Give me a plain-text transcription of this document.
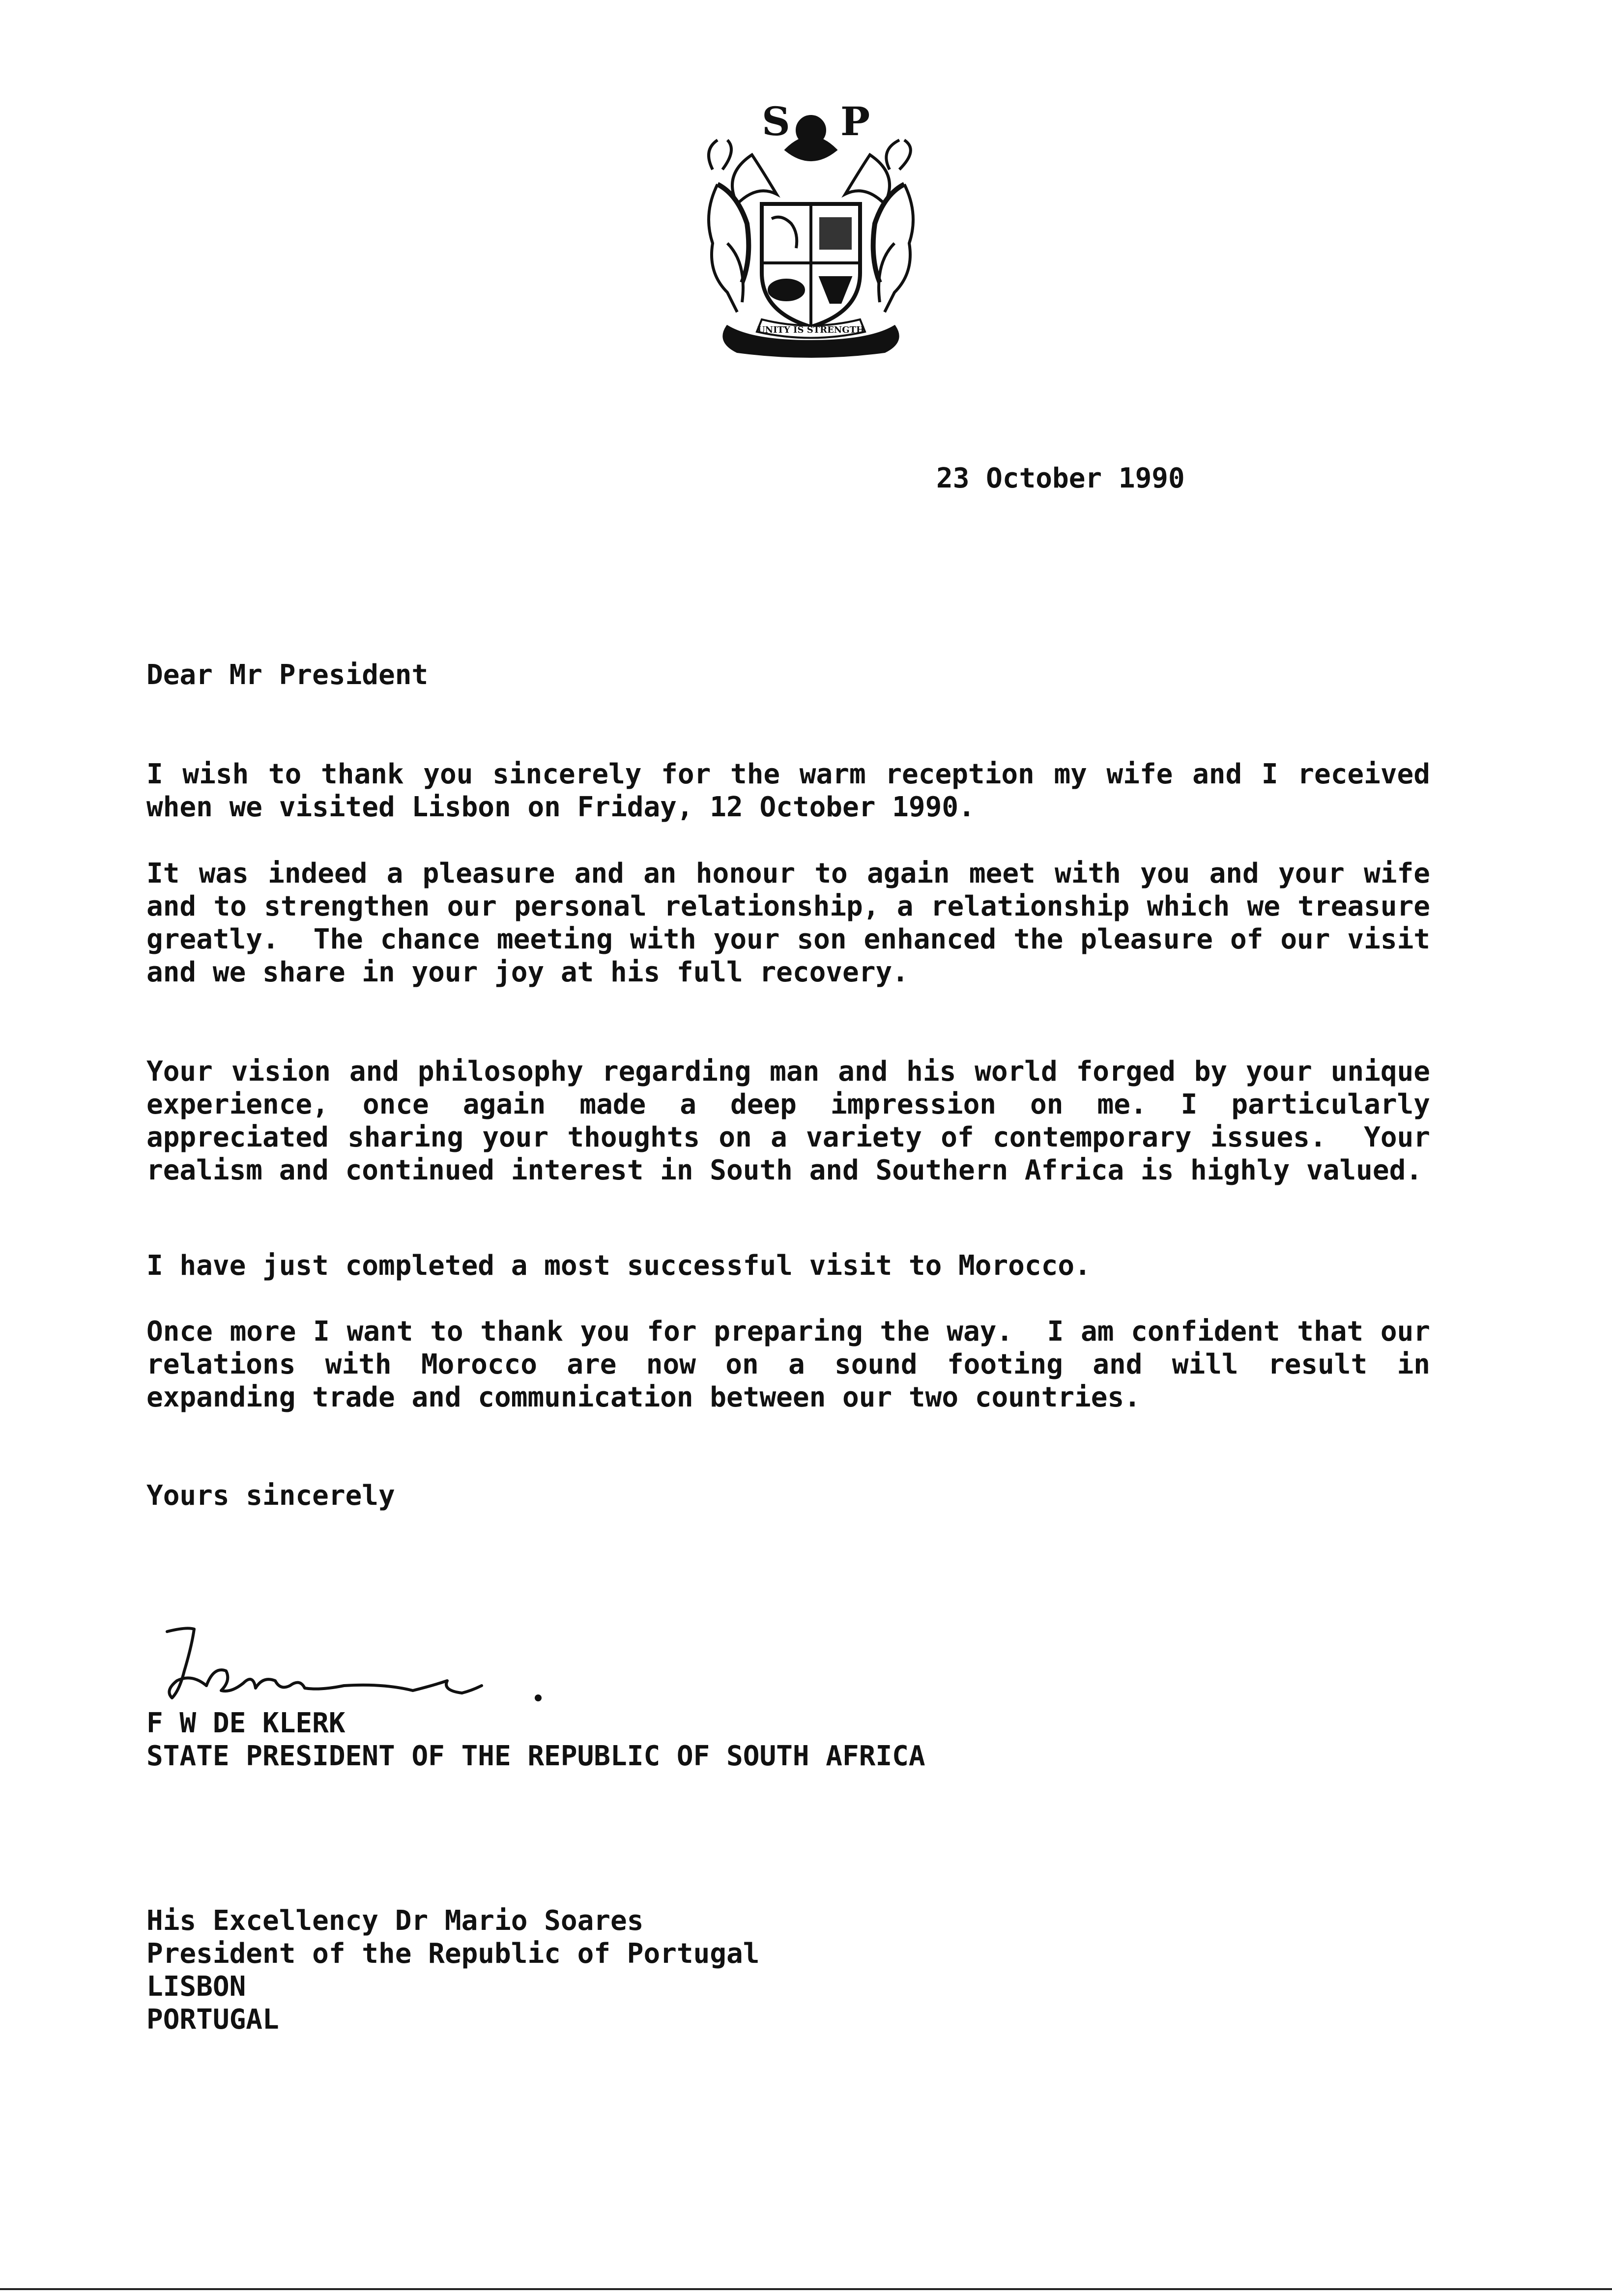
S P
UNITY IS STRENGTH
23 October 1990

Dear Mr President

I wish to thank you sincerely for the warm reception my wife and I received when we visited Lisbon on Friday, 12 October 1990.

It was indeed a pleasure and an honour to again meet with you and your wife and to strengthen our personal relationship, a relationship which we treasure greatly.  The chance meeting with your son enhanced the pleasure of our visit and we share in your joy at his full recovery.

Your vision and philosophy regarding man and his world forged by your unique experience, once again made a deep impression on me. I particularly appreciated sharing your thoughts on a variety of contemporary issues.  Your realism and continued interest in South and Southern Africa is highly valued.

I have just completed a most successful visit to Morocco.

Once more I want to thank you for preparing the way.  I am confident that our relations with Morocco are now on a sound footing and will result in expanding trade and communication between our two countries.

Yours sincerely

F W DE KLERK

STATE PRESIDENT OF THE REPUBLIC OF SOUTH AFRICA

His Excellency Dr Mario Soares

President of the Republic of Portugal

LISBON

PORTUGAL
